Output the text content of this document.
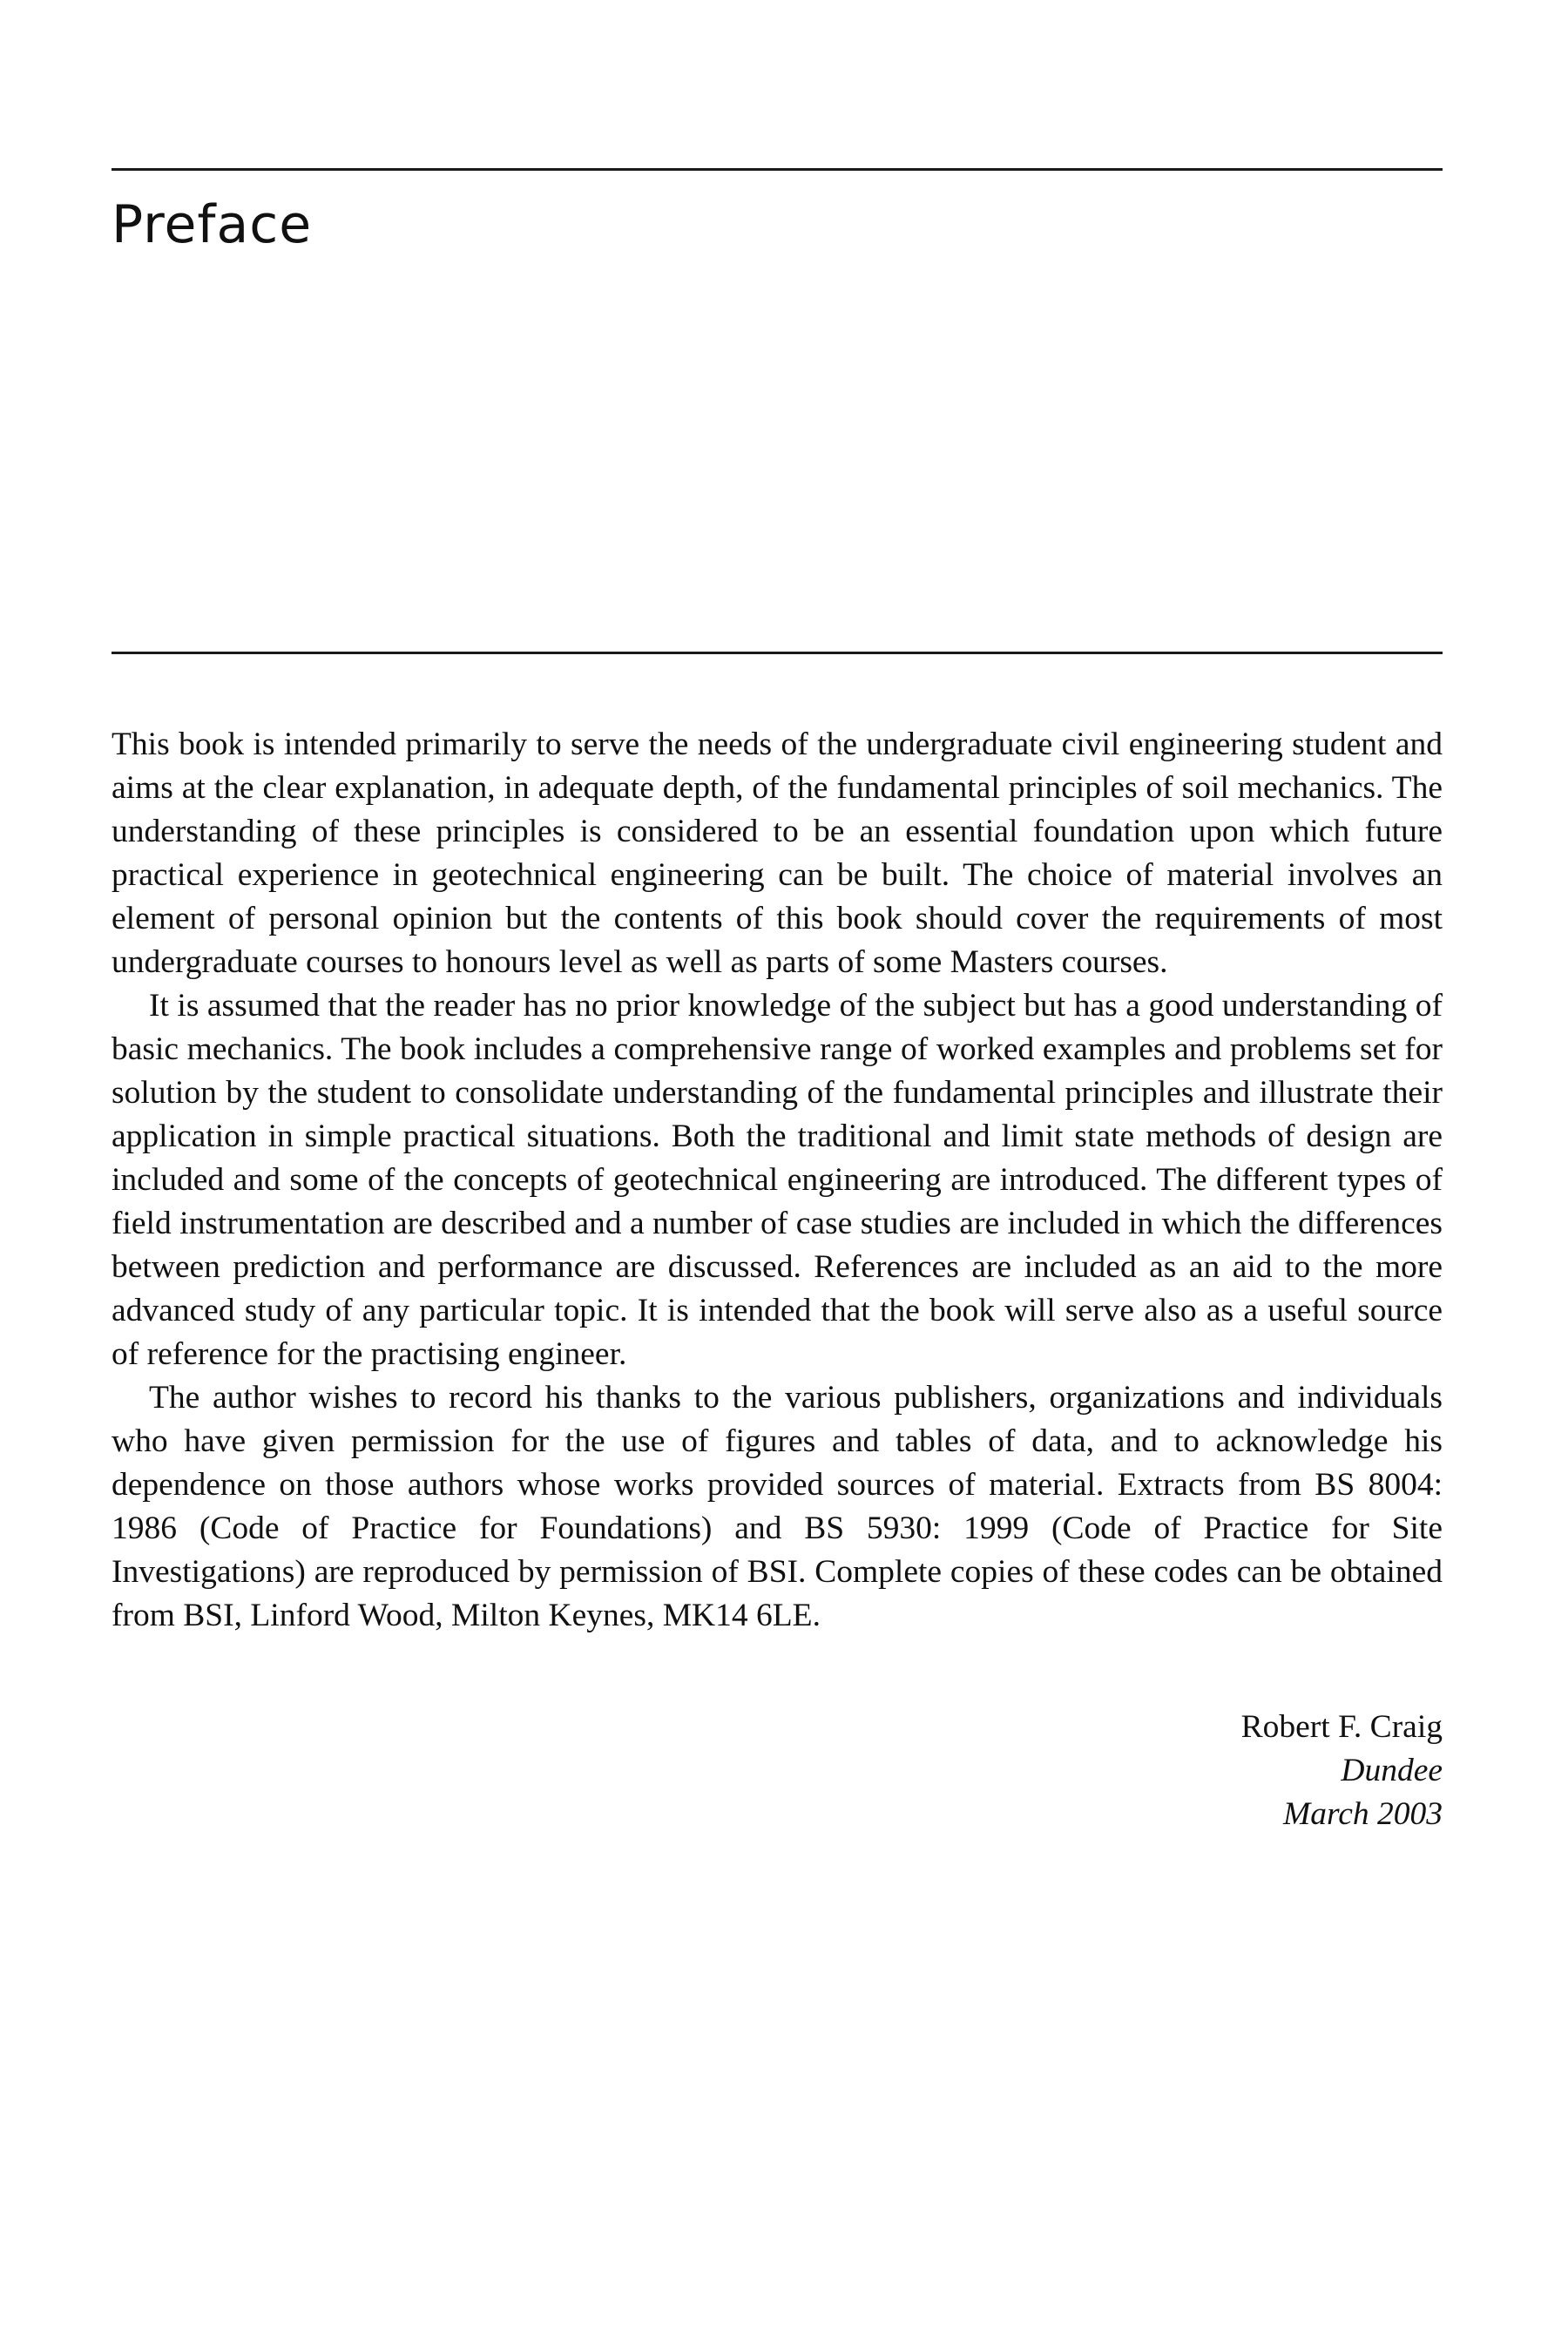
Preface

This book is intended primarily to serve the needs of the undergraduate civil engineering student and aims at the clear explanation, in adequate depth, of the fundamental principles of soil mechanics. The understanding of these principles is considered to be an essential foundation upon which future practical experience in geotechnical engineering can be built. The choice of material involves an element of personal opinion but the contents of this book should cover the requirements of most undergraduate courses to honours level as well as parts of some Masters courses.

It is assumed that the reader has no prior knowledge of the subject but has a good understanding of basic mechanics. The book includes a comprehensive range of worked examples and problems set for solution by the student to consolidate understanding of the fundamental principles and illustrate their application in simple practical situations. Both the traditional and limit state methods of design are included and some of the concepts of geotechnical engineering are introduced. The different types of field instrumentation are described and a number of case studies are included in which the differences between prediction and performance are discussed. References are included as an aid to the more advanced study of any particular topic. It is intended that the book will serve also as a useful source of reference for the practising engineer.

The author wishes to record his thanks to the various publishers, organizations and individuals who have given permission for the use of figures and tables of data, and to acknowledge his dependence on those authors whose works provided sources of material. Extracts from BS 8004: 1986 (Code of Practice for Foundations) and BS 5930: 1999 (Code of Practice for Site Investigations) are reproduced by permission of BSI. Complete copies of these codes can be obtained from BSI, Linford Wood, Milton Keynes, MK14 6LE.

Robert F. Craig
Dundee
March 2003
